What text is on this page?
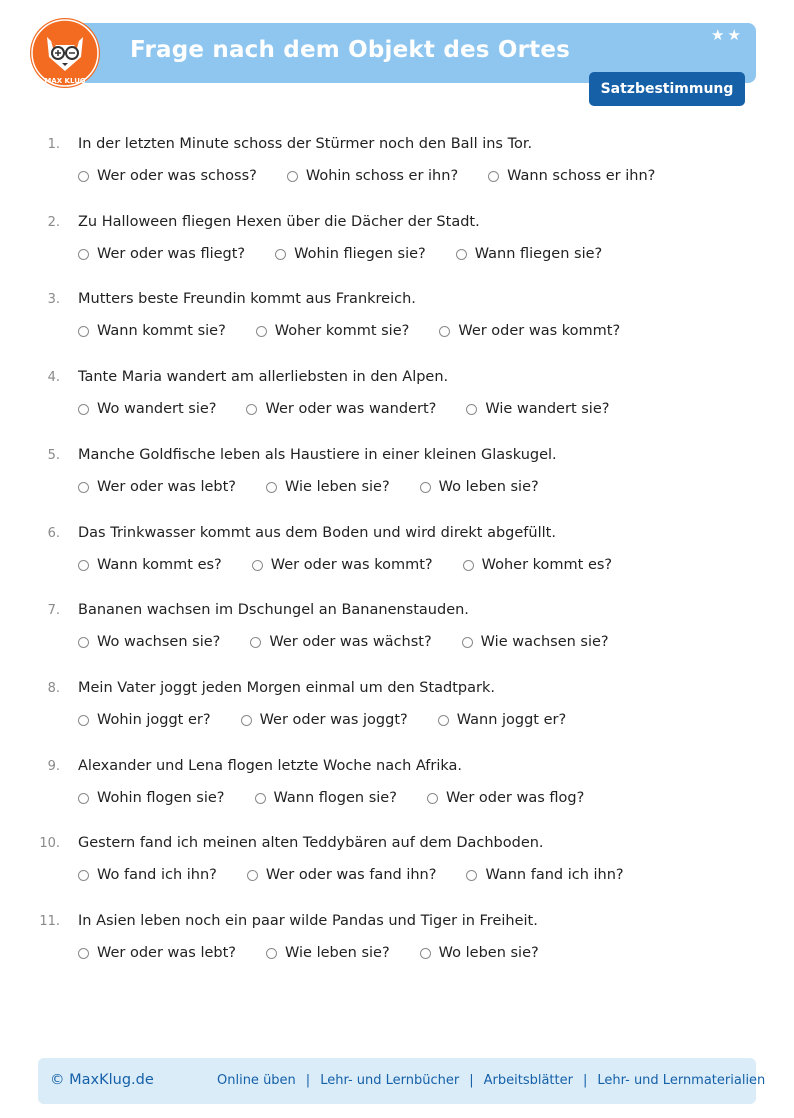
Frage nach dem Objekt des Ortes
★★
Satzbestimmung
MAX KLUG
1. In der letzten Minute schoss der Stürmer noch den Ball ins Tor.
Wer oder was schoss?	Wohin schoss er ihn?	Wann schoss er ihn?
2. Zu Halloween fliegen Hexen über die Dächer der Stadt.
Wer oder was fliegt?	Wohin fliegen sie?	Wann fliegen sie?
3. Mutters beste Freundin kommt aus Frankreich.
Wann kommt sie?	Woher kommt sie?	Wer oder was kommt?
4. Tante Maria wandert am allerliebsten in den Alpen.
Wo wandert sie?	Wer oder was wandert?	Wie wandert sie?
5. Manche Goldfische leben als Haustiere in einer kleinen Glaskugel.
Wer oder was lebt?	Wie leben sie?	Wo leben sie?
6. Das Trinkwasser kommt aus dem Boden und wird direkt abgefüllt.
Wann kommt es?	Wer oder was kommt?	Woher kommt es?
7. Bananen wachsen im Dschungel an Bananenstauden.
Wo wachsen sie?	Wer oder was wächst?	Wie wachsen sie?
8. Mein Vater joggt jeden Morgen einmal um den Stadtpark.
Wohin joggt er?	Wer oder was joggt?	Wann joggt er?
9. Alexander und Lena flogen letzte Woche nach Afrika.
Wohin flogen sie?	Wann flogen sie?	Wer oder was flog?
10. Gestern fand ich meinen alten Teddybären auf dem Dachboden.
Wo fand ich ihn?	Wer oder was fand ihn?	Wann fand ich ihn?
11. In Asien leben noch ein paar wilde Pandas und Tiger in Freiheit.
Wer oder was lebt?	Wie leben sie?	Wo leben sie?
© MaxKlug.de	Online üben | Lehr- und Lernbücher | Arbeitsblätter | Lehr- und Lernmaterialien
